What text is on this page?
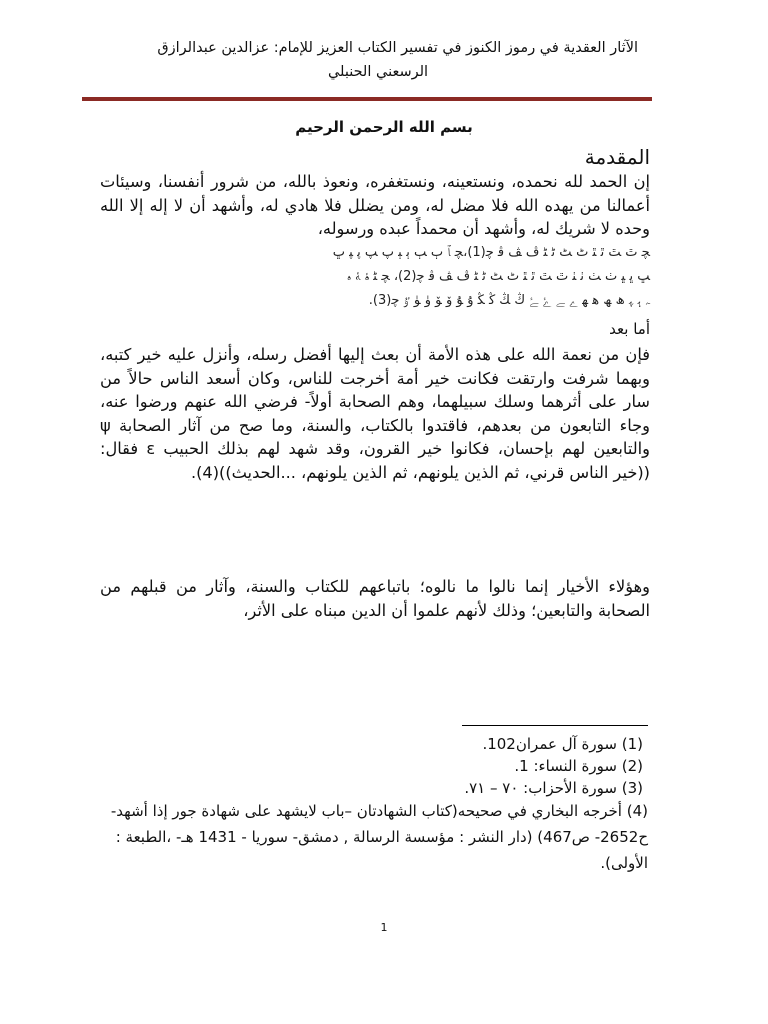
الآثار العقدية في رموز الكنوز في تفسير الكتاب العزيز للإمام: عزالدين عبدالرازق
الرسعني الحنبلي
بسم الله الرحمن الرحيم
المقدمة
إن الحمد لله نحمده، ونستعينه، ونستغفره، ونعوذ بالله، من شرور أنفسنا، وسيئات أعمالنا من يهده الله فلا مضل له، ومن يضلل فلا هادي له، وأشهد أن لا إله إلا الله وحده لا شريك له، وأشهد أن محمداً عبده ورسوله،
ﭽ ﭢ ﭣ ﭤ ﭥ ﭦ ﭧ ﭨ ﭩ ﭪ ﭫ ﭬ ﭼ(1)،ﭽ ﭑ ﭒ ﭓ ﭔ ﭕ ﭖ ﭗ ﭘ ﭙ ﭚ
ﭛ ﭜ ﭝ ﭞ ﭟ ﭠ ﭡ ﭢ ﭣ ﭤ ﭥ ﭦ ﭧ ﭨ ﭩ ﭪ ﭫ ﭬ ﭼ(2)، ﭽ ﮣ ﮤ ﮥ ﮦ
ﮧ ﮨ ﮩ ﮪ ﮫ ﮬ ﮭ ﮮ ﮯ ﮰ ﮱ ﯓ ﯔ ﯕ ﯖ ﯗ ﯘ ﯙ ﯚ ﯛ ﯜ ﯝ ﭼ(3).
أما بعد
فإن من نعمة الله على هذه الأمة أن بعث إليها أفضل رسله، وأنزل عليه خير كتبه، وبهما شرفت وارتقت فكانت خير أمة أخرجت للناس، وكان أسعد الناس حالاً من سار على أثرهما وسلك سبيلهما، وهم الصحابة أولاً- فرضي الله عنهم ورضوا عنه، وجاء التابعون من بعدهم، فاقتدوا بالكتاب، والسنة، وما صح من آثار الصحابة ψ والتابعين لهم بإحسان، فكانوا خير القرون، وقد شهد لهم بذلك الحبيب ε فقال: ((خير الناس قرني، ثم الذين يلونهم، ثم الذين يلونهم، ...الحديث))(4).
وهؤلاء الأخيار إنما نالوا ما نالوه؛ باتباعهم للكتاب والسنة، وآثار من قبلهم من الصحابة والتابعين؛ وذلك لأنهم علموا أن الدين مبناه على الأثر،
(1) سورة آل عمران102.
(2) سورة النساء: 1.
(3) سورة الأحزاب: ٧٠ – ٧١.
(4) أخرجه البخاري في صحيحه(كتاب الشهادتان –باب لايشهد على شهادة جور إذا أشهد-ح2652- ص467) (دار النشر : مؤسسة الرسالة , دمشق- سوريا - 1431 هـ- ،الطبعة : الأولى).
1
